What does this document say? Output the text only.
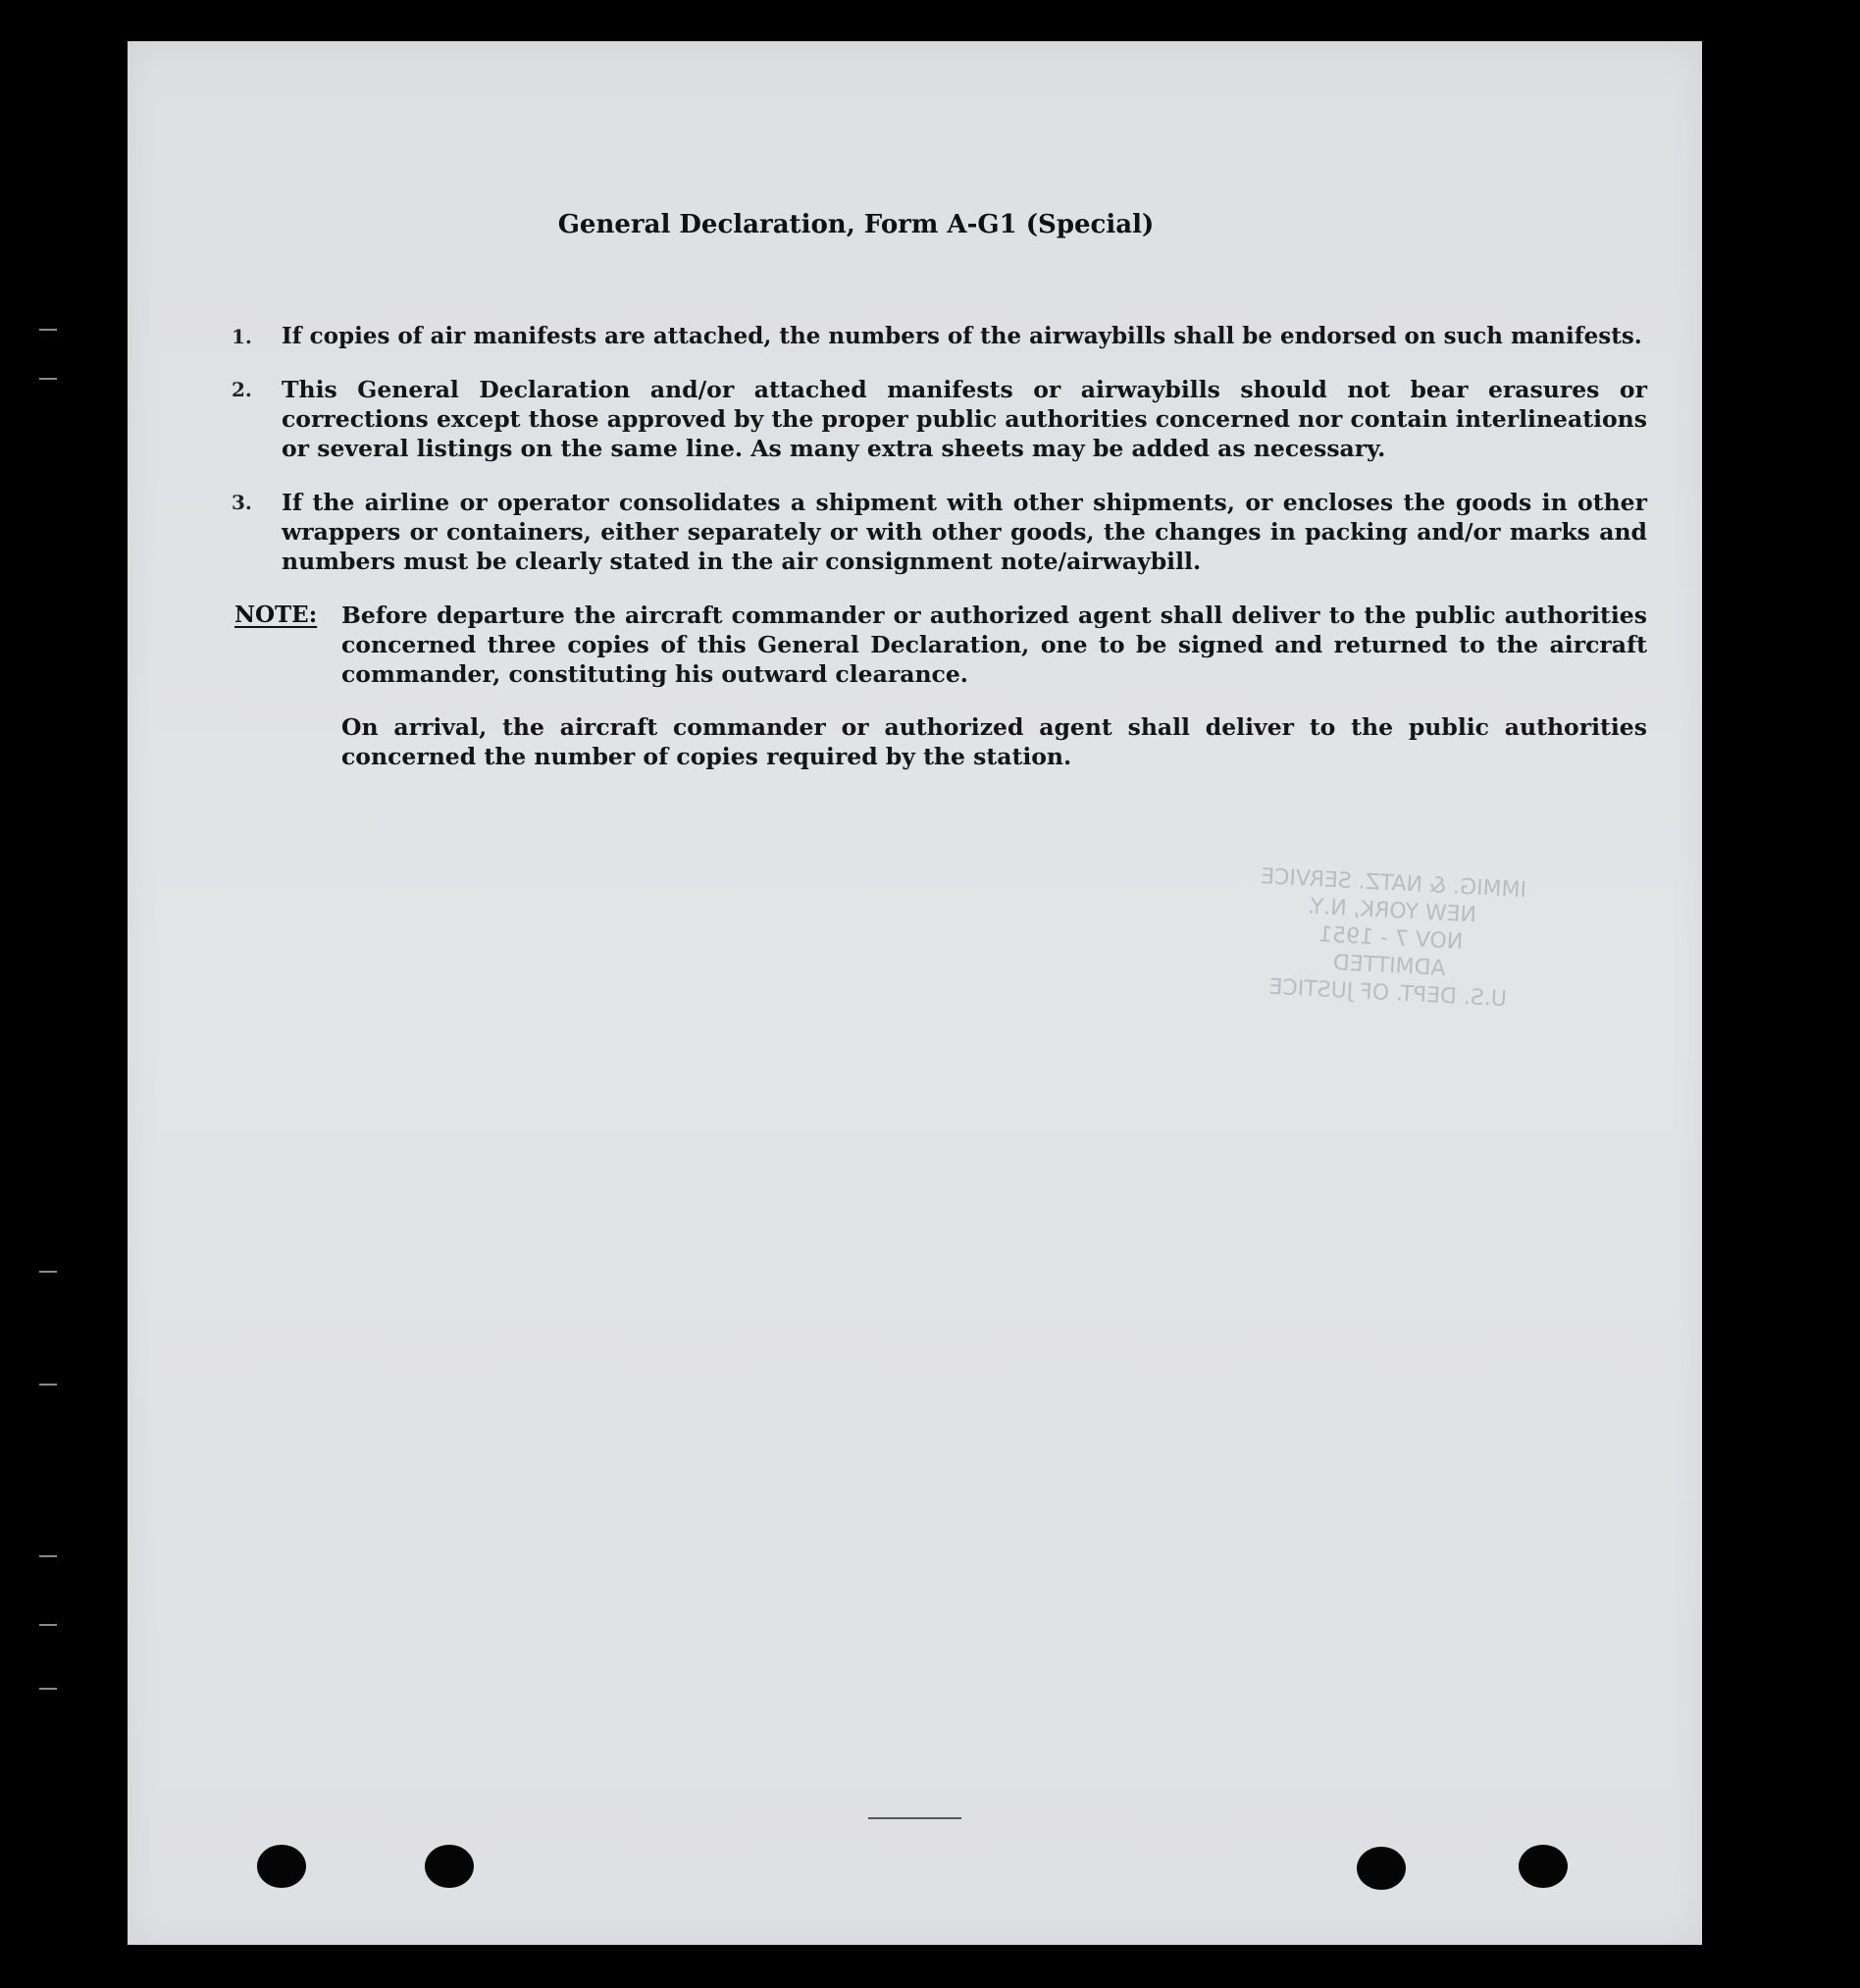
General Declaration, Form A-G1 (Special)
1. If copies of air manifests are attached, the numbers of the airwaybills shall be endorsed on such manifests.
2. This General Declaration and/or attached manifests or airwaybills should not bear erasures or corrections except those approved by the proper public authorities concerned nor contain interlineations or several listings on the same line. As many extra sheets may be added as necessary.
3. If the airline or operator consolidates a shipment with other shipments, or encloses the goods in other wrappers or containers, either separately or with other goods, the changes in packing and/or marks and numbers must be clearly stated in the air consignment note/airwaybill.
NOTE: Before departure the aircraft commander or authorized agent shall deliver to the public authorities concerned three copies of this General Declaration, one to be signed and returned to the aircraft commander, constituting his outward clearance.
On arrival, the aircraft commander or authorized agent shall deliver to the public authorities concerned the number of copies required by the station.
IMMIG. & NATZ. SERVICE
NEW YORK, N.Y.
NOV 7 - 1951
ADMITTED
U.S. DEPT. OF JUSTICE
